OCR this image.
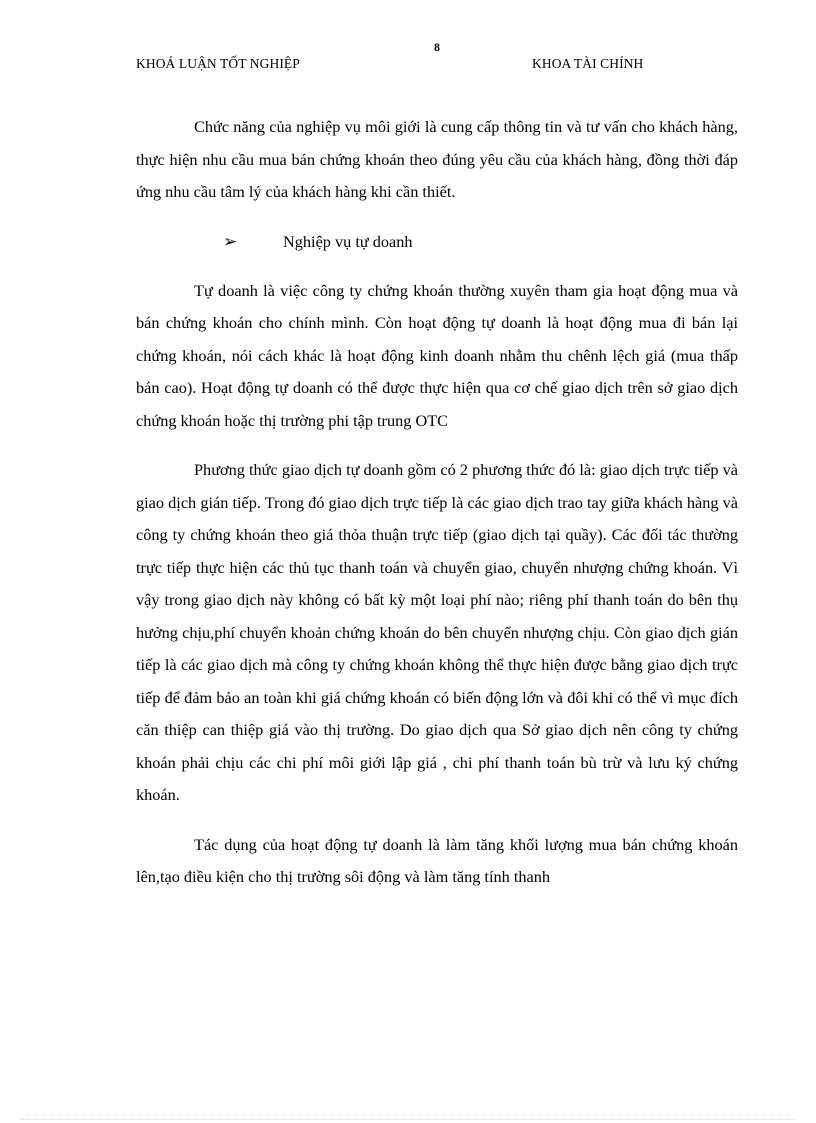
8
KHOÁ LUẬN TỐT NGHIỆP	KHOA TÀI CHÍNH

Chức năng của nghiệp vụ môi giới là cung cấp thông tin và tư vấn cho khách hàng, thực hiện nhu cầu mua bán chứng khoán theo đúng yêu cầu của khách hàng, đồng thời đáp ứng nhu cầu tâm lý của khách hàng khi cần thiết.

➢	Nghiệp vụ tự doanh

Tự doanh là việc công ty chứng khoán thường xuyên tham gia hoạt động mua và bán chứng khoán cho chính mình. Còn hoạt động tự doanh là hoạt động mua đi bán lại chứng khoán, nói cách khác là hoạt động kinh doanh nhằm thu chênh lệch giá (mua thấp bán cao). Hoạt động tự doanh có thể được thực hiện qua cơ chế giao dịch trên sở giao dịch chứng khoán hoặc thị trường phi tập trung OTC

Phương thức giao dịch tự doanh gồm có 2 phương thức đó là: giao dịch trực tiếp và giao dịch gián tiếp. Trong đó giao dịch trực tiếp là các giao dịch trao tay giữa khách hàng và công ty chứng khoán theo giá thỏa thuận trực tiếp (giao dịch tại quầy). Các đối tác thường trực tiếp thực hiện các thủ tục thanh toán và chuyển giao, chuyển nhượng chứng khoán. Vì vậy trong giao dịch này không có bất kỳ một loại phí nào; riêng phí thanh toán do bên thụ hưởng chịu,phí chuyển khoản chứng khoán do bên chuyển nhượng chịu. Còn giao dịch gián tiếp là các giao dịch mà công ty chứng khoán không thể thực hiện được bằng giao dịch trực tiếp để đảm bảo an toàn khi giá chứng khoán có biến động lớn và đôi khi có thể vì mục đích căn thiệp can thiệp giá vào thị trường. Do giao dịch qua Sở giao dịch nên công ty chứng khoán phải chịu các chi phí môi giới lập giá , chi phí thanh toán bù trừ và lưu ký chứng khoán.

Tác dụng của hoạt động tự doanh là làm tăng khối lượng mua bán chứng khoán lên,tạo điều kiện cho thị trường sôi động và làm tăng tính thanh
